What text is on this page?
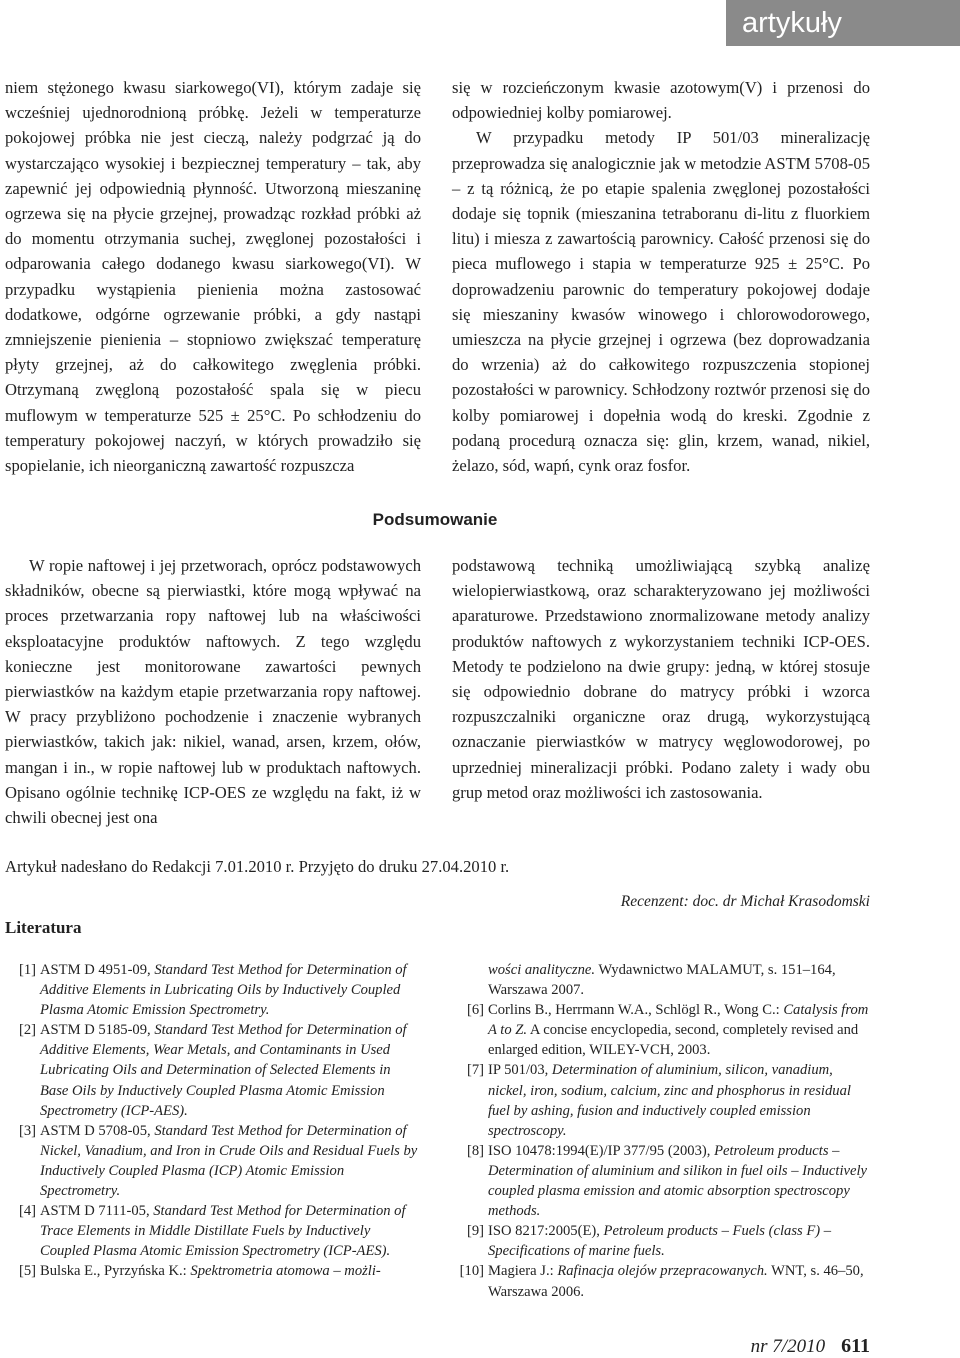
artykuły

niem stężonego kwasu siarkowego(VI), którym zadaje się wcześniej ujednorodnioną próbkę. Jeżeli w temperaturze pokojowej próbka nie jest cieczą, należy podgrzać ją do wystarczająco wysokiej i bezpiecznej temperatury – tak, aby zapewnić jej odpowiednią płynność. Utworzoną mieszaninę ogrzewa się na płycie grzejnej, prowadząc rozkład próbki aż do momentu otrzymania suchej, zwęglonej pozostałości i odparowania całego dodanego kwasu siarkowego(VI). W przypadku wystąpienia pienienia można zastosować dodatkowe, odgórne ogrzewanie próbki, a gdy nastąpi zmniejszenie pienienia – stopniowo zwiększać temperaturę płyty grzejnej, aż do całkowitego zwęglenia próbki. Otrzymaną zwęgloną pozostałość spala się w piecu muflowym w temperaturze 525 ± 25°C. Po schłodzeniu do temperatury pokojowej naczyń, w których prowadziło się spopielanie, ich nieorganiczną zawartość rozpuszcza

się w rozcieńczonym kwasie azotowym(V) i przenosi do odpowiedniej kolby pomiarowej.

W przypadku metody IP 501/03 mineralizację przeprowadza się analogicznie jak w metodzie ASTM 5708-05 – z tą różnicą, że po etapie spalenia zwęglonej pozostałości dodaje się topnik (mieszanina tetraboranu di-litu z fluorkiem litu) i miesza z zawartością parownicy. Całość przenosi się do pieca muflowego i stapia w temperaturze 925 ± 25°C. Po doprowadzeniu parownic do temperatury pokojowej dodaje się mieszaniny kwasów winowego i chlorowodorowego, umieszcza na płycie grzejnej i ogrzewa (bez doprowadzania do wrzenia) aż do całkowitego rozpuszczenia stopionej pozostałości w parownicy. Schłodzony roztwór przenosi się do kolby pomiarowej i dopełnia wodą do kreski. Zgodnie z podaną procedurą oznacza się: glin, krzem, wanad, nikiel, żelazo, sód, wapń, cynk oraz fosfor.

Podsumowanie

W ropie naftowej i jej przetworach, oprócz podstawowych składników, obecne są pierwiastki, które mogą wpływać na proces przetwarzania ropy naftowej lub na właściwości eksploatacyjne produktów naftowych. Z tego względu konieczne jest monitorowane zawartości pewnych pierwiastków na każdym etapie przetwarzania ropy naftowej. W pracy przybliżono pochodzenie i znaczenie wybranych pierwiastków, takich jak: nikiel, wanad, arsen, krzem, ołów, mangan i in., w ropie naftowej lub w produktach naftowych. Opisano ogólnie technikę ICP-OES ze względu na fakt, iż w chwili obecnej jest ona

podstawową techniką umożliwiającą szybką analizę wielopierwiastkową, oraz scharakteryzowano jej możliwości aparaturowe. Przedstawiono znormalizowane metody analizy produktów naftowych z wykorzystaniem techniki ICP-OES. Metody te podzielono na dwie grupy: jedną, w której stosuje się odpowiednio dobrane do matrycy próbki i wzorca rozpuszczalniki organiczne oraz drugą, wykorzystującą oznaczanie pierwiastków w matrycy węglowodorowej, po uprzedniej mineralizacji próbki. Podano zalety i wady obu grup metod oraz możliwości ich zastosowania.

Artykuł nadesłano do Redakcji 7.01.2010 r. Przyjęto do druku 27.04.2010 r.

Recenzent: doc. dr Michał Krasodomski

Literatura
[1] ASTM D 4951-09, Standard Test Method for Determination of Additive Elements in Lubricating Oils by Inductively Coupled Plasma Atomic Emission Spectrometry.
[2] ASTM D 5185-09, Standard Test Method for Determination of Additive Elements, Wear Metals, and Contaminants in Used Lubricating Oils and Determination of Selected Elements in Base Oils by Inductively Coupled Plasma Atomic Emission Spectrometry (ICP-AES).
[3] ASTM D 5708-05, Standard Test Method for Determination of Nickel, Vanadium, and Iron in Crude Oils and Residual Fuels by Inductively Coupled Plasma (ICP) Atomic Emission Spectrometry.
[4] ASTM D 7111-05, Standard Test Method for Determination of Trace Elements in Middle Distillate Fuels by Inductively Coupled Plasma Atomic Emission Spectrometry (ICP-AES).
[5] Bulska E., Pyrzyńska K.: Spektrometria atomowa – możli-
wości analityczne. Wydawnictwo MALAMUT, s. 151–164, Warszawa 2007.
[6] Corlins B., Herrmann W.A., Schlögl R., Wong C.: Catalysis from A to Z. A concise encyclopedia, second, completely revised and enlarged edition, WILEY-VCH, 2003.
[7] IP 501/03, Determination of aluminium, silicon, vanadium, nickel, iron, sodium, calcium, zinc and phosphorus in residual fuel by ashing, fusion and inductively coupled emission spectroscopy.
[8] ISO 10478:1994(E)/IP 377/95 (2003), Petroleum products – Determination of aluminium and silikon in fuel oils – Inductively coupled plasma emission and atomic absorption spectroscopy methods.
[9] ISO 8217:2005(E), Petroleum products – Fuels (class F) – Specifications of marine fuels.
[10] Magiera J.: Rafinacja olejów przepracowanych. WNT, s. 46–50, Warszawa 2006.

nr 7/2010 611
